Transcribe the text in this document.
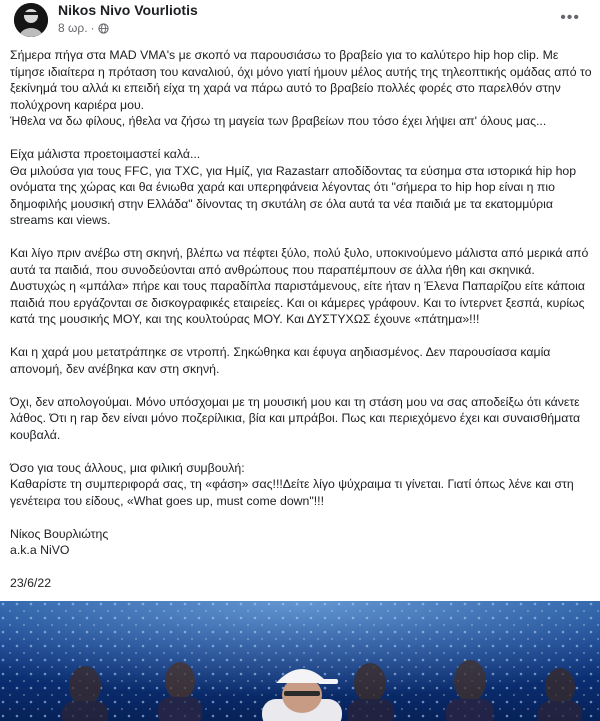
Nikos Nivo Vourliotis
8 ωρ. ·
•••

Σήμερα πήγα στα MAD VMA's με σκοπό να παρουσιάσω το βραβείο για το καλύτερο hip hop clip. Με τίμησε ιδιαίτερα η πρόταση του καναλιού, όχι μόνο γιατί ήμουν μέλος αυτής της τηλεοπτικής ομάδας από το ξεκίνημά του αλλά κι επειδή είχα τη χαρά να πάρω αυτό το βραβείο πολλές φορές στο παρελθόν στην πολύχρονη καριέρα μου.
Ήθελα να δω φίλους, ήθελα να ζήσω τη μαγεία των βραβείων που τόσο έχει λήψει απ' όλους μας...

Είχα μάλιστα προετοιμαστεί καλά...
Θα μιλούσα για τους FFC, για TXC, για Ημίζ, για Razastarr αποδίδοντας τα εύσημα στα ιστορικά hip hop ονόματα της χώρας και θα ένιωθα χαρά και υπερηφάνεια λέγοντας ότι "σήμερα το hip hop είναι η πιο δημοφιλής μουσική στην Ελλάδα" δίνοντας τη σκυτάλη σε όλα αυτά τα νέα παιδιά με τα εκατομμύρια streams και views.

Και λίγο πριν ανέβω στη σκηνή, βλέπω να πέφτει ξύλο, πολύ ξυλο, υποκινούμενο μάλιστα από μερικά από αυτά τα παιδιά, που συνοδεύονται από ανθρώπους που παραπέμπουν σε άλλα ήθη και σκηνικά. Δυστυχώς η «μπάλα» πήρε και τους παραδίπλα παριστάμενους, είτε ήταν η Έλενα Παπαρίζου είτε κάποια παιδιά που εργάζονται σε δισκογραφικές εταιρείες. Και οι κάμερες γράφουν. Και το ίντερνετ ξεσπά, κυρίως κατά της μουσικής ΜΟΥ, και της κουλτούρας ΜΟΥ. Και ΔΥΣΤΥΧΩΣ έχουνε «πάτημα»!!!

Και η χαρά μου μετατράπηκε σε ντροπή. Σηκώθηκα και έφυγα αηδιασμένος. Δεν παρουσίασα καμία απονομή, δεν ανέβηκα καν στη σκηνή.

Όχι, δεν απολογούμαι. Μόνο υπόσχομαι με τη μουσική μου και τη στάση μου να σας αποδείξω ότι κάνετε λάθος. Ότι η rap δεν είναι μόνο ποζερίλικια, βία και μπράβοι. Πως και περιεχόμενο έχει και συναισθήματα κουβαλά.

Όσο για τους άλλους, μια φιλική συμβουλή:
Καθαρίστε τη συμπεριφορά σας, τη «φάση» σας!!!Δείτε λίγο ψύχραιμα τι γίνεται. Γιατί όπως λένε και στη γενέτειρα του είδους, «What goes up, must come down"!!!

Νίκος Βουρλιώτης
a.k.a NiVO

23/6/22
